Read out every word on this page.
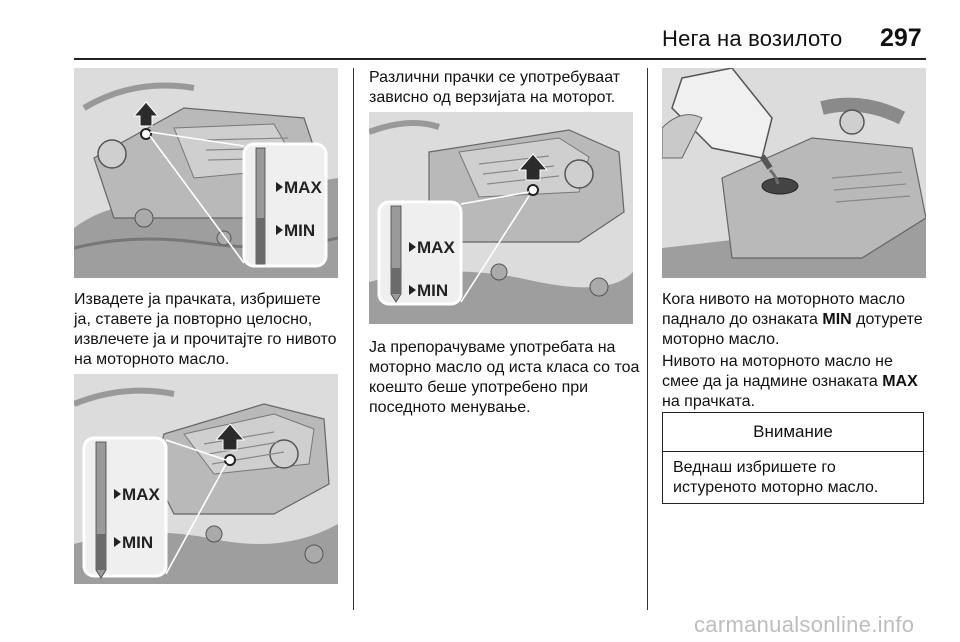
Нега на возилото 297
MAX
MIN

Извадете ја прачката, избришете ја, ставете ја повторно целосно, извлечете ја и прочитајте го нивото на моторното масло.

MAX
MIN

Различни прачки се употребуваат зависно од верзијата на моторот.

MAX
MIN

Ја препорачуваме употребата на моторно масло од иста класа со тоа коешто беше употребено при поседното менување.

Кога нивото на моторното масло паднало до ознаката MIN дотурете моторно масло.

Нивото на моторното масло не смее да ја надмине ознаката MAX на прачката.

Внимание
Веднаш избришете го истуреното моторно масло.
carmanualsonline.info
